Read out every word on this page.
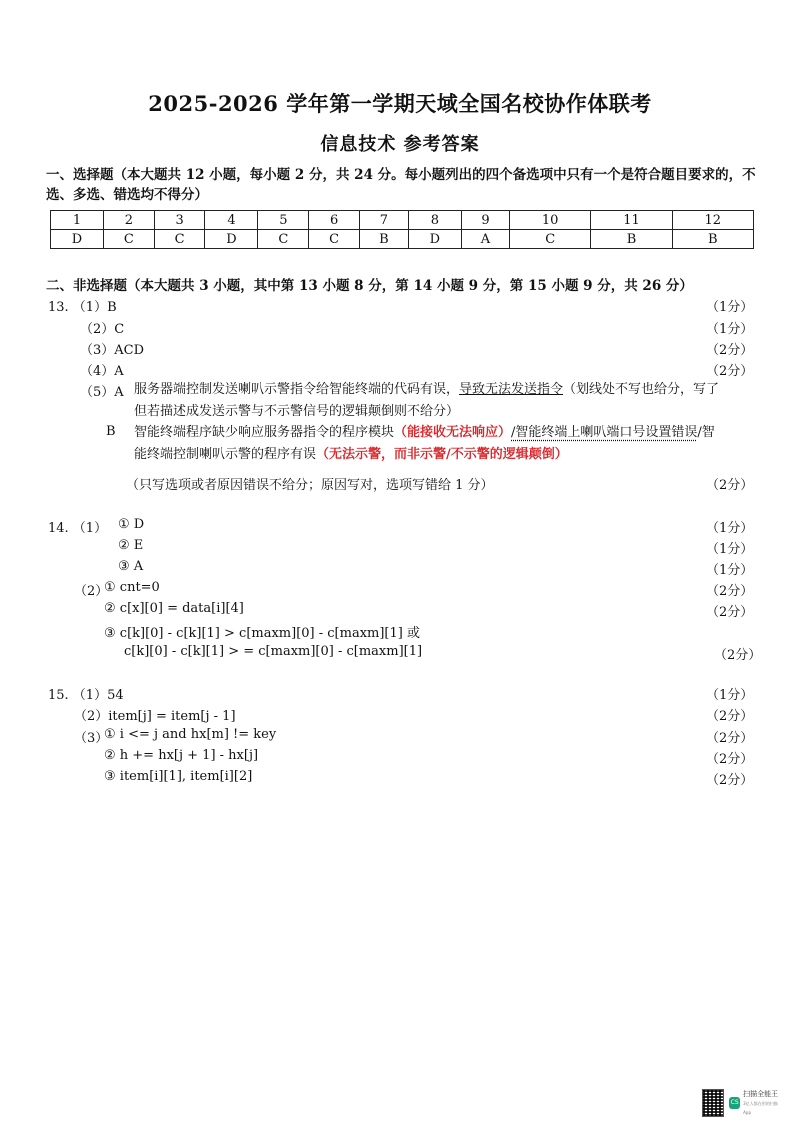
2025-2026 学年第一学期天域全国名校协作体联考
信息技术 参考答案
一、选择题（本大题共 12 小题，每小题 2 分，共 24 分。每小题列出的四个备选项中只有一个是符合题目要求的，不选、多选、错选均不得分）
1	2	3	4	5	6	7	8	9	10	11	12
D	C	C	D	C	C	B	D	A	C	B	B
二、非选择题（本大题共 3 小题，其中第 13 小题 8 分，第 14 小题 9 分，第 15 小题 9 分，共 26 分）
13. （1）B	（1分）
（2）C	（1分）
（3）ACD	（2分）
（4）A	（2分）
（5）A 服务器端控制发送喇叭示警指令给智能终端的代码有误，导致无法发送指令（划线处不写也给分，写了但若描述成发送示警与不示警信号的逻辑颠倒则不给分）
B 智能终端程序缺少响应服务器指令的程序模块（能接收无法响应）/智能终端上喇叭端口号设置错误/智能终端控制喇叭示警的程序有误（无法示警，而非示警/不示警的逻辑颠倒）
（只写选项或者原因错误不给分；原因写对，选项写错给 1 分）	（2分）
14. （1） ① D	（1分）
② E	（1分）
③ A	（1分）
（2）
① cnt=0	（2分）
② c[x][0] = data[i][4]	（2分）
③ c[k][0] - c[k][1] > c[maxm][0] - c[maxm][1] 或
c[k][0] - c[k][1] > = c[maxm][0] - c[maxm][1]	（2分）
15. （1）54	（1分）
（2）item[j] = item[j - 1]	（2分）
（3）
① i <= j and hx[m] != key	（2分）
② h += hx[j + 1] - hx[j]	（2分）
③ item[i][1], item[i][2]	（2分）
CS
扫描全能王
3亿人都在用的扫描App
